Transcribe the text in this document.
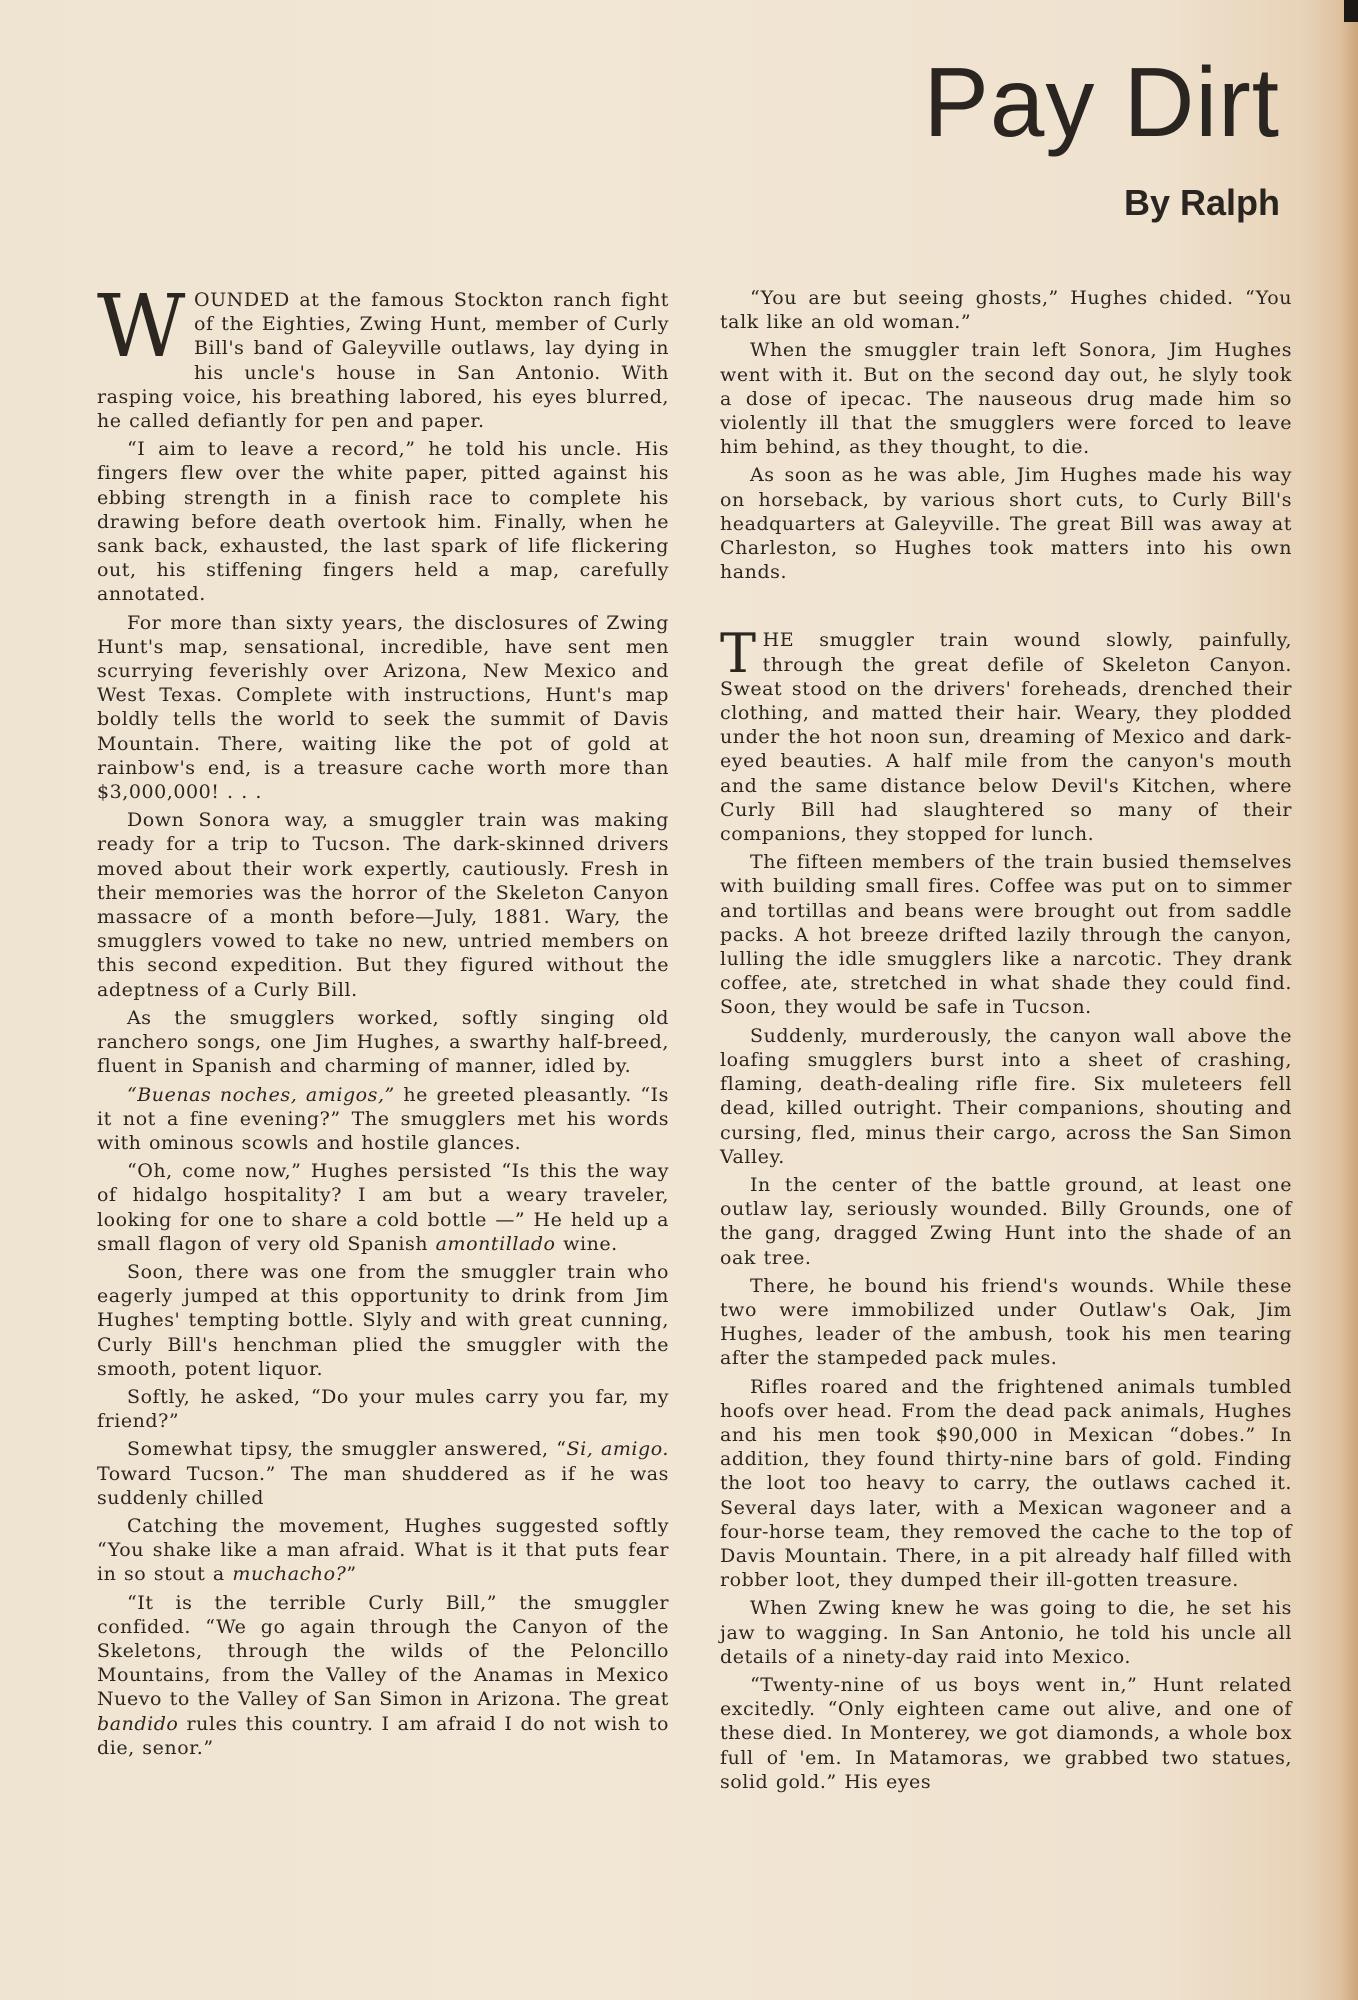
Pay Dirt
By Ralph

WOUNDED at the famous Stockton ranch fight of the Eighties, Zwing Hunt, member of Curly Bill's band of Galeyville outlaws, lay dying in his uncle's house in San Antonio. With rasping voice, his breathing labored, his eyes blurred, he called defiantly for pen and paper.

“I aim to leave a record,” he told his uncle. His fingers flew over the white paper, pitted against his ebbing strength in a finish race to complete his drawing before death overtook him. Finally, when he sank back, exhausted, the last spark of life flickering out, his stiffening fingers held a map, carefully annotated.

For more than sixty years, the disclosures of Zwing Hunt's map, sensational, incredible, have sent men scurrying feverishly over Arizona, New Mexico and West Texas. Complete with instructions, Hunt's map boldly tells the world to seek the summit of Davis Mountain. There, waiting like the pot of gold at rainbow's end, is a treasure cache worth more than $3,000,000! . . .

Down Sonora way, a smuggler train was making ready for a trip to Tucson. The dark-skinned drivers moved about their work expertly, cautiously. Fresh in their memories was the horror of the Skeleton Canyon massacre of a month before—July, 1881. Wary, the smugglers vowed to take no new, untried members on this second expedition. But they figured without the adeptness of a Curly Bill.

As the smugglers worked, softly singing old ranchero songs, one Jim Hughes, a swarthy half-breed, fluent in Spanish and charming of manner, idled by.

“Buenas noches, amigos,” he greeted pleasantly. “Is it not a fine evening?” The smugglers met his words with ominous scowls and hostile glances.

“Oh, come now,” Hughes persisted “Is this the way of hidalgo hospitality? I am but a weary traveler, looking for one to share a cold bottle —” He held up a small flagon of very old Spanish amontillado wine.

Soon, there was one from the smuggler train who eagerly jumped at this opportunity to drink from Jim Hughes' tempting bottle. Slyly and with great cunning, Curly Bill's henchman plied the smuggler with the smooth, potent liquor.

Softly, he asked, “Do your mules carry you far, my friend?”

Somewhat tipsy, the smuggler answered, “Si, amigo. Toward Tucson.” The man shuddered as if he was suddenly chilled

Catching the movement, Hughes suggested softly “You shake like a man afraid. What is it that puts fear in so stout a muchacho?”

“It is the terrible Curly Bill,” the smuggler confided. “We go again through the Canyon of the Skeletons, through the wilds of the Peloncillo Mountains, from the Valley of the Anamas in Mexico Nuevo to the Valley of San Simon in Arizona. The great bandido rules this country. I am afraid I do not wish to die, senor.”

“You are but seeing ghosts,” Hughes chided. “You talk like an old woman.”

When the smuggler train left Sonora, Jim Hughes went with it. But on the second day out, he slyly took a dose of ipecac. The nauseous drug made him so violently ill that the smugglers were forced to leave him behind, as they thought, to die.

As soon as he was able, Jim Hughes made his way on horseback, by various short cuts, to Curly Bill's headquarters at Galeyville. The great Bill was away at Charleston, so Hughes took matters into his own hands.

THE smuggler train wound slowly, painfully, through the great defile of Skeleton Canyon. Sweat stood on the drivers' foreheads, drenched their clothing, and matted their hair. Weary, they plodded under the hot noon sun, dreaming of Mexico and dark-eyed beauties. A half mile from the canyon's mouth and the same distance below Devil's Kitchen, where Curly Bill had slaughtered so many of their companions, they stopped for lunch.

The fifteen members of the train busied themselves with building small fires. Coffee was put on to simmer and tortillas and beans were brought out from saddle packs. A hot breeze drifted lazily through the canyon, lulling the idle smugglers like a narcotic. They drank coffee, ate, stretched in what shade they could find. Soon, they would be safe in Tucson.

Suddenly, murderously, the canyon wall above the loafing smugglers burst into a sheet of crashing, flaming, death-dealing rifle fire. Six muleteers fell dead, killed outright. Their companions, shouting and cursing, fled, minus their cargo, across the San Simon Valley.

In the center of the battle ground, at least one outlaw lay, seriously wounded. Billy Grounds, one of the gang, dragged Zwing Hunt into the shade of an oak tree.

There, he bound his friend's wounds. While these two were immobilized under Outlaw's Oak, Jim Hughes, leader of the ambush, took his men tearing after the stampeded pack mules.

Rifles roared and the frightened animals tumbled hoofs over head. From the dead pack animals, Hughes and his men took $90,000 in Mexican “dobes.” In addition, they found thirty-nine bars of gold. Finding the loot too heavy to carry, the outlaws cached it. Several days later, with a Mexican wagoneer and a four-horse team, they removed the cache to the top of Davis Mountain. There, in a pit already half filled with robber loot, they dumped their ill-gotten treasure.

When Zwing knew he was going to die, he set his jaw to wagging. In San Antonio, he told his uncle all details of a ninety-day raid into Mexico.

“Twenty-nine of us boys went in,” Hunt related excitedly. “Only eighteen came out alive, and one of these died. In Monterey, we got diamonds, a whole box full of 'em. In Matamoras, we grabbed two statues, solid gold.” His eyes
